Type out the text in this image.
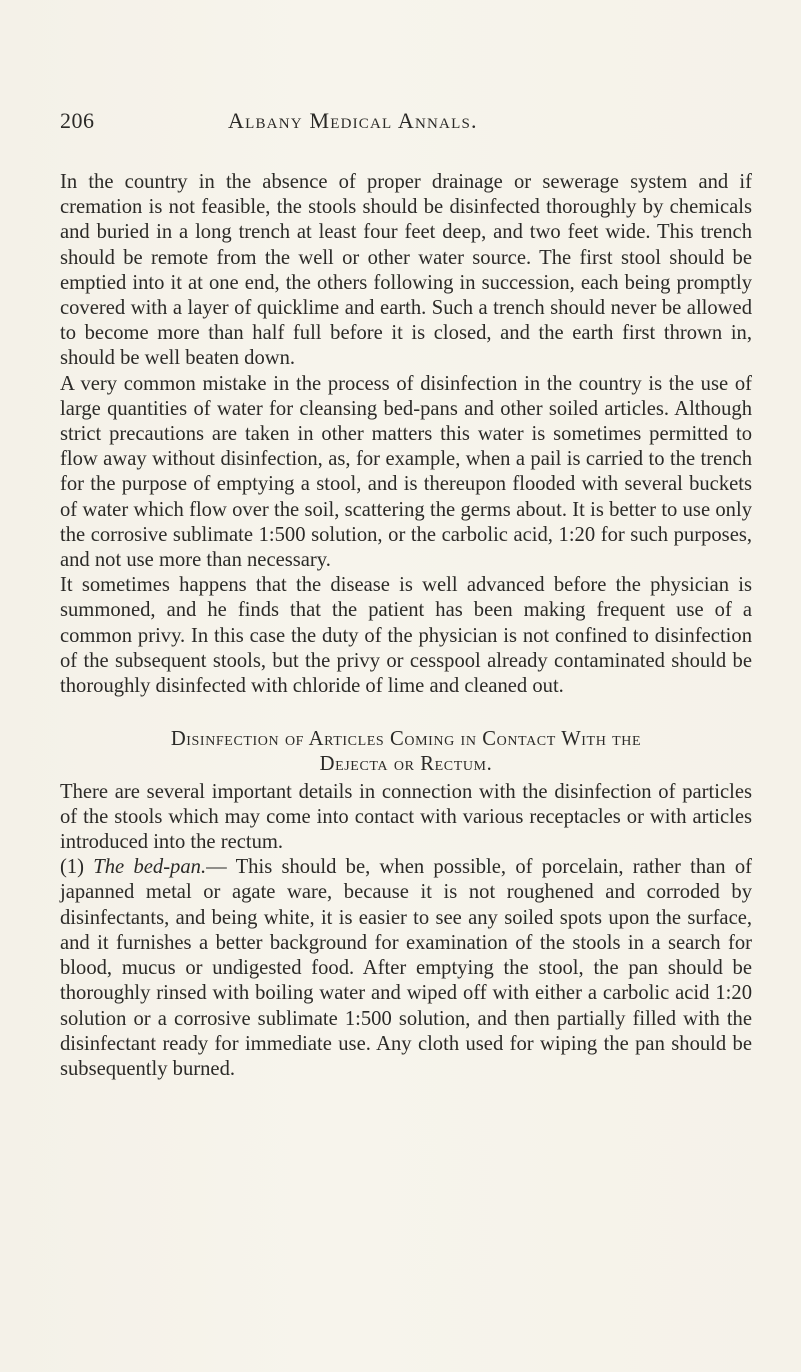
206	Albany Medical Annals.

In the country in the absence of proper drainage or sewerage system and if cremation is not feasible, the stools should be disinfected thoroughly by chemicals and buried in a long trench at least four feet deep, and two feet wide. This trench should be remote from the well or other water source. The first stool should be emptied into it at one end, the others following in succession, each being promptly covered with a layer of quicklime and earth. Such a trench should never be allowed to become more than half full before it is closed, and the earth first thrown in, should be well beaten down.

A very common mistake in the process of disinfection in the country is the use of large quantities of water for cleansing bed-pans and other soiled articles. Although strict precautions are taken in other matters this water is sometimes permitted to flow away without disinfection, as, for example, when a pail is carried to the trench for the purpose of emptying a stool, and is thereupon flooded with several buckets of water which flow over the soil, scattering the germs about. It is better to use only the corrosive sublimate 1:500 solution, or the carbolic acid, 1:20 for such purposes, and not use more than necessary.

It sometimes happens that the disease is well advanced before the physician is summoned, and he finds that the patient has been making frequent use of a common privy. In this case the duty of the physician is not confined to disinfection of the subsequent stools, but the privy or cesspool already contaminated should be thoroughly disinfected with chloride of lime and cleaned out.

Disinfection of Articles Coming in Contact With the
Dejecta or Rectum.

There are several important details in connection with the disinfection of particles of the stools which may come into contact with various receptacles or with articles introduced into the rectum.

(1) The bed-pan.— This should be, when possible, of porcelain, rather than of japanned metal or agate ware, because it is not roughened and corroded by disinfectants, and being white, it is easier to see any soiled spots upon the surface, and it furnishes a better background for examination of the stools in a search for blood, mucus or undigested food. After emptying the stool, the pan should be thoroughly rinsed with boiling water and wiped off with either a carbolic acid 1:20 solution or a corrosive sublimate 1:500 solution, and then partially filled with the disinfectant ready for immediate use. Any cloth used for wiping the pan should be subsequently burned.
